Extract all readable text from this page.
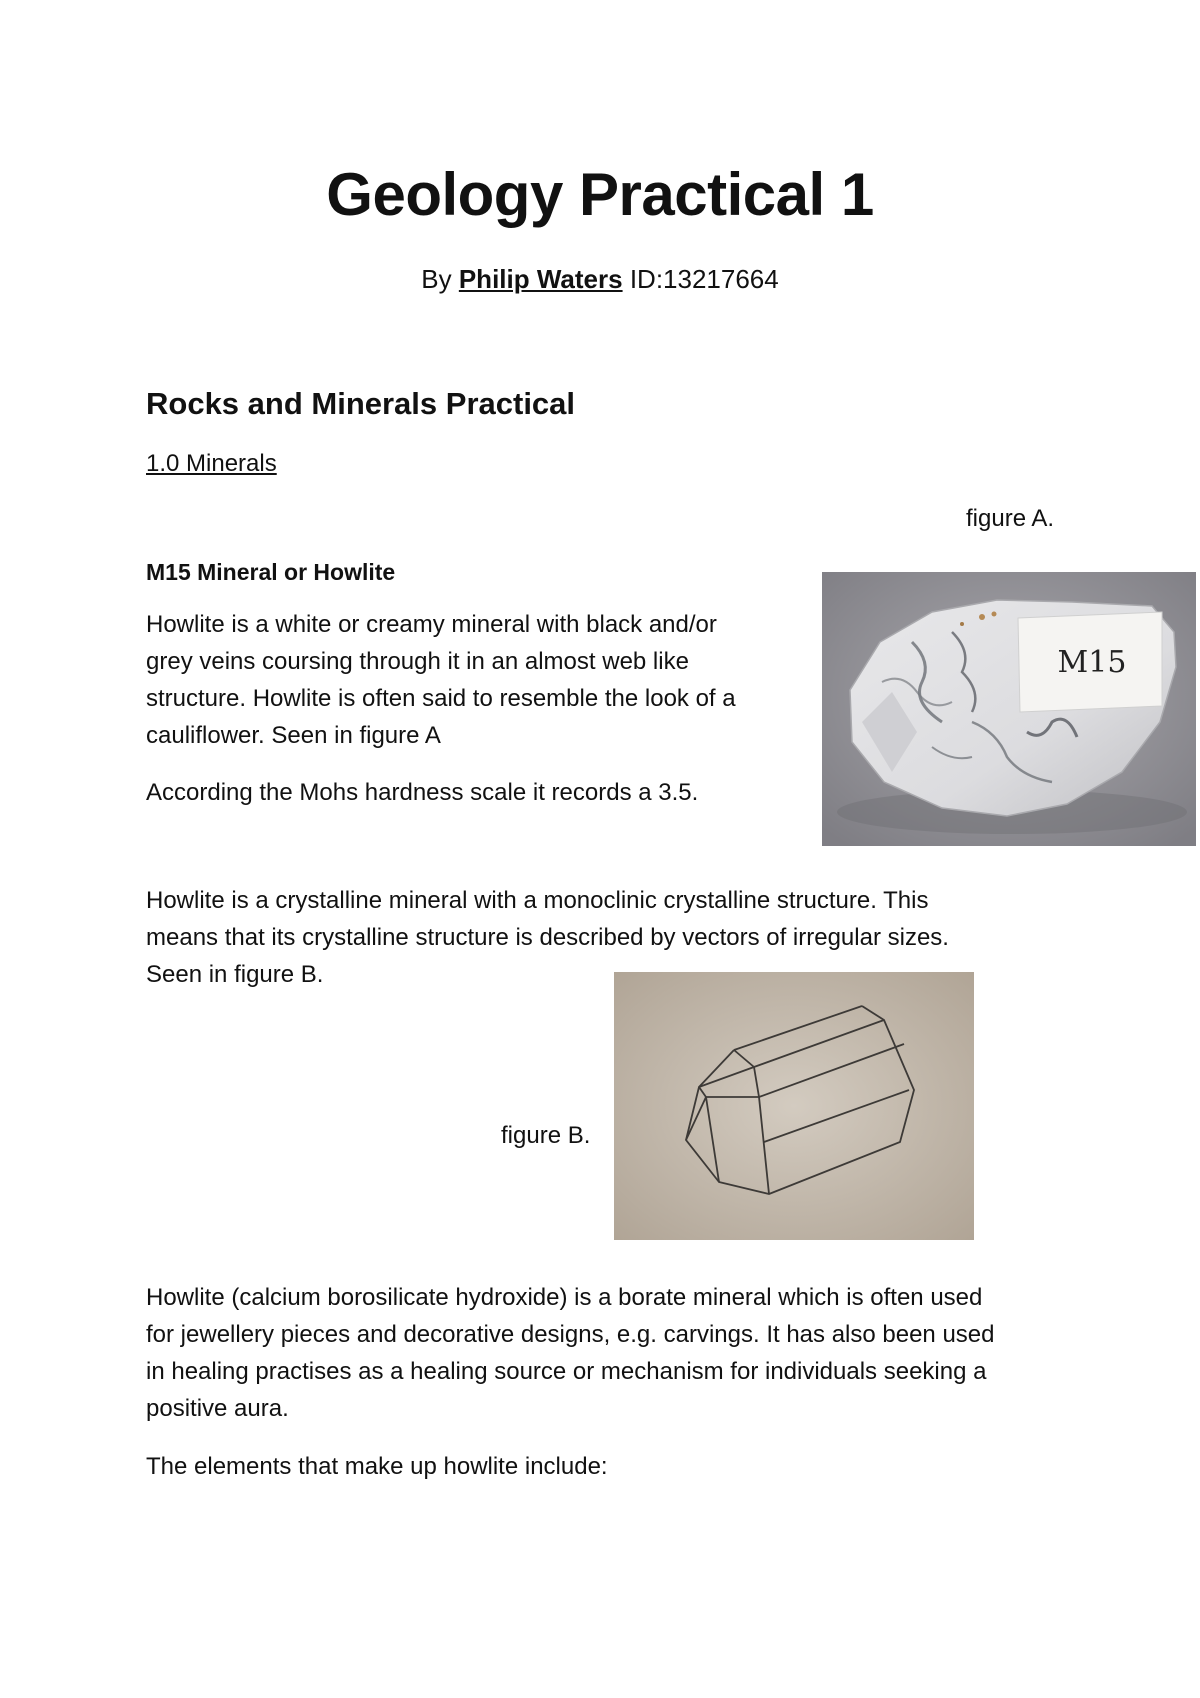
Geology Practical 1

By Philip Waters ID:13217664

Rocks and Minerals Practical
1.0 Minerals
figure A.
M15 Mineral or Howlite
Howlite is a white or creamy mineral with black and/or
grey veins coursing through it in an almost web like
structure. Howlite is often said to resemble the look of a
cauliflower. Seen in figure A
According the Mohs hardness scale it records a 3.5.
M15
Howlite is a crystalline mineral with a monoclinic crystalline structure. This
means that its crystalline structure is described by vectors of irregular sizes.
Seen in figure B.
figure B.
Howlite (calcium borosilicate hydroxide) is a borate mineral which is often used
for jewellery pieces and decorative designs, e.g. carvings. It has also been used
in healing practises as a healing source or mechanism for individuals seeking a
positive aura.
The elements that make up howlite include:
